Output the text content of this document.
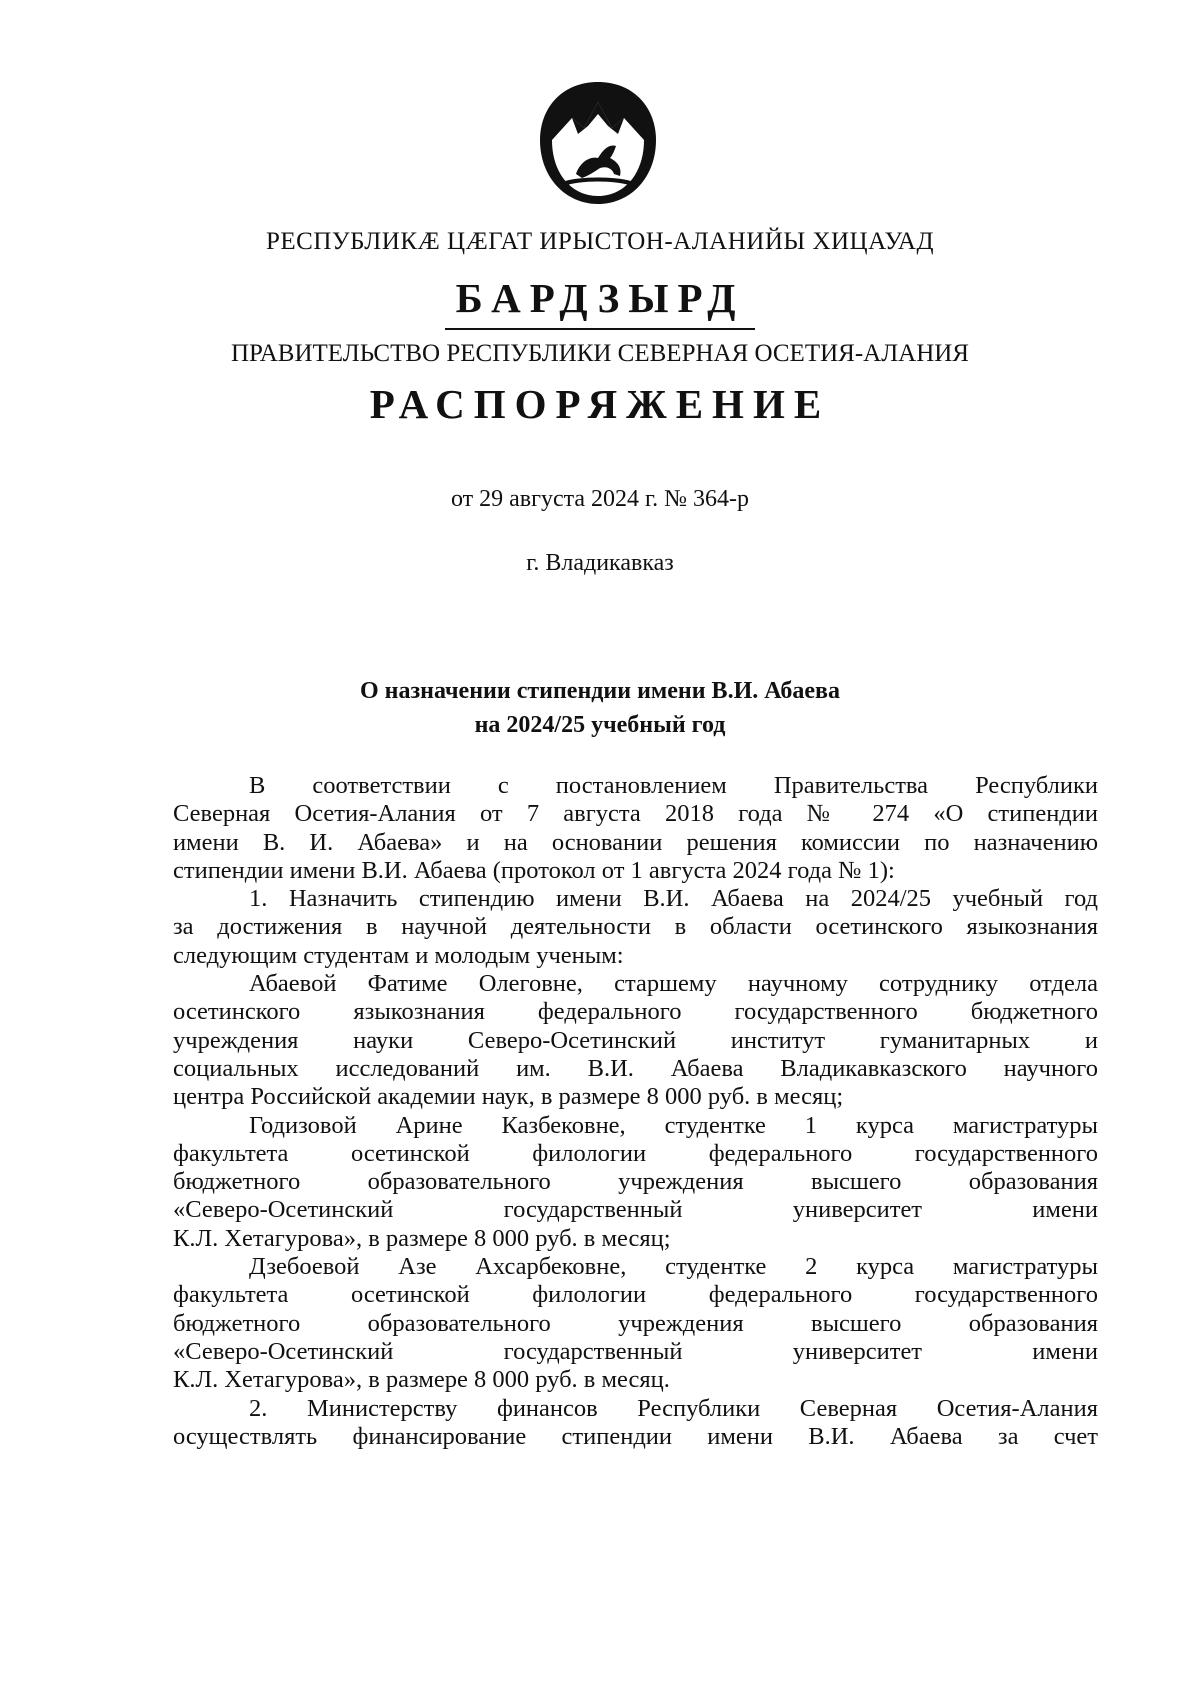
РЕСПУБЛИКÆ ЦÆГАТ ИРЫСТОН-АЛАНИЙЫ ХИЦАУАД
БАРДЗЫРД
ПРАВИТЕЛЬСТВО РЕСПУБЛИКИ СЕВЕРНАЯ ОСЕТИЯ-АЛАНИЯ
РАСПОРЯЖЕНИЕ
от 29 августа 2024 г. № 364-р
г. Владикавказ
О назначении стипендии имени В.И. Абаева
на 2024/25 учебный год

В соответствии с постановлением Правительства Республики

Северная Осетия-Алания от 7 августа 2018 года № 274 «О стипендии

имени В. И. Абаева» и на основании решения комиссии по назначению

стипендии имени В.И. Абаева (протокол от 1 августа 2024 года № 1):

1. Назначить стипендию имени В.И. Абаева на 2024/25 учебный год

за достижения в научной деятельности в области осетинского языкознания

следующим студентам и молодым ученым:

Абаевой Фатиме Олеговне, старшему научному сотруднику отдела

осетинского языкознания федерального государственного бюджетного

учреждения науки Северо-Осетинский институт гуманитарных и

социальных исследований им. В.И. Абаева Владикавказского научного

центра Российской академии наук, в размере 8 000 руб. в месяц;

Годизовой Арине Казбековне, студентке 1 курса магистратуры

факультета осетинской филологии федерального государственного

бюджетного образовательного учреждения высшего образования

«Северо-Осетинский государственный университет имени

К.Л. Хетагурова», в размере 8 000 руб. в месяц;

Дзебоевой Азе Ахсарбековне, студентке 2 курса магистратуры

факультета осетинской филологии федерального государственного

бюджетного образовательного учреждения высшего образования

«Северо-Осетинский государственный университет имени

К.Л. Хетагурова», в размере 8 000 руб. в месяц.

2. Министерству финансов Республики Северная Осетия-Алания

осуществлять финансирование стипендии имени В.И. Абаева за счет
